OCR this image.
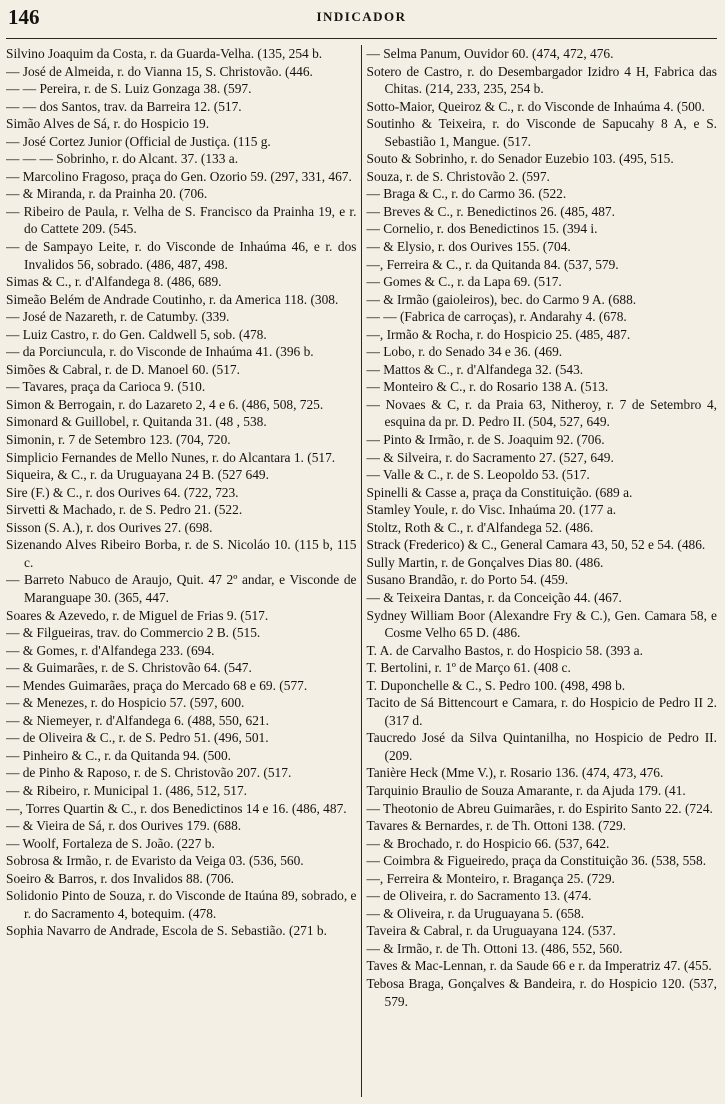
146	INDICADOR
Silvino Joaquim da Costa, r. da Guarda-Velha. (135, 254 b.
— José de Almeida, r. do Vianna 15, S. Christovão. (446.
— — Pereira, r. de S. Luiz Gonzaga 38. (597.
— — dos Santos, trav. da Barreira 12. (517.
Simão Alves de Sá, r. do Hospicio 19.
— José Cortez Junior (Official de Justiça. (115 g.
— — — Sobrinho, r. do Alcant. 37. (133 a.
— Marcolino Fragoso, praça do Gen. Ozorio 59. (297, 331, 467.
— & Miranda, r. da Prainha 20. (706.
— Ribeiro de Paula, r. Velha de S. Francisco da Prainha 19, e r. do Cattete 209. (545.
— de Sampayo Leite, r. do Visconde de Inhaúma 46, e r. dos Invalidos 56, sobrado. (486, 487, 498.
Simas & C., r. d'Alfandega 8. (486, 689.
Simeão Belém de Andrade Coutinho, r. da America 118. (308.
— José de Nazareth, r. de Catumby. (339.
— Luiz Castro, r. do Gen. Caldwell 5, sob. (478.
— da Porciuncula, r. do Visconde de Inhaúma 41. (396 b.
Simões & Cabral, r. de D. Manoel 60. (517.
— Tavares, praça da Carioca 9. (510.
Simon & Berrogain, r. do Lazareto 2, 4 e 6. (486, 508, 725.
Simonard & Guillobel, r. Quitanda 31. (48 , 538.
Simonin, r. 7 de Setembro 123. (704, 720.
Simplicio Fernandes de Mello Nunes, r. do Alcantara 1. (517.
Siqueira, & C., r. da Uruguayana 24 B. (527 649.
Sire (F.) & C., r. dos Ourives 64. (722, 723.
Sirvetti & Machado, r. de S. Pedro 21. (522.
Sisson (S. A.), r. dos Ourives 27. (698.
Sizenando Alves Ribeiro Borba, r. de S. Nicoláo 10. (115 b, 115 c.
— Barreto Nabuco de Araujo, Quit. 47 2º andar, e Visconde de Maranguape 30. (365, 447.
Soares & Azevedo, r. de Miguel de Frias 9. (517.
— & Filgueiras, trav. do Commercio 2 B. (515.
— & Gomes, r. d'Alfandega 233. (694.
— & Guimarães, r. de S. Christovão 64. (547.
— Mendes Guimarães, praça do Mercado 68 e 69. (577.
— & Menezes, r. do Hospicio 57. (597, 600.
— & Niemeyer, r. d'Alfandega 6. (488, 550, 621.
— de Oliveira & C., r. de S. Pedro 51. (496, 501.
— Pinheiro & C., r. da Quitanda 94. (500.
— de Pinho & Raposo, r. de S. Christovão 207. (517.
— & Ribeiro, r. Municipal 1. (486, 512, 517.
—, Torres Quartin & C., r. dos Benedictinos 14 e 16. (486, 487.
— & Vieira de Sá, r. dos Ourives 179. (688.
— Woolf, Fortaleza de S. João. (227 b.
Sobrosa & Irmão, r. de Evaristo da Veiga 03. (536, 560.
Soeiro & Barros, r. dos Invalidos 88. (706.
Solidonio Pinto de Souza, r. do Visconde de Itaúna 89, sobrado, e r. do Sacramento 4, botequim. (478.
Sophia Navarro de Andrade, Escola de S. Sebastião. (271 b.
— Selma Panum, Ouvidor 60. (474, 472, 476.
Sotero de Castro, r. do Desembargador Izidro 4 H, Fabrica das Chitas. (214, 233, 235, 254 b.
Sotto-Maior, Queiroz & C., r. do Visconde de Inhaúma 4. (500.
Soutinho & Teixeira, r. do Visconde de Sapucahy 8 A, e S. Sebastião 1, Mangue. (517.
Souto & Sobrinho, r. do Senador Euzebio 103. (495, 515.
Souza, r. de S. Christovão 2. (597.
— Braga & C., r. do Carmo 36. (522.
— Breves & C., r. Benedictinos 26. (485, 487.
— Cornelio, r. dos Benedictinos 15. (394 i.
— & Elysio, r. dos Ourives 155. (704.
—, Ferreira & C., r. da Quitanda 84. (537, 579.
— Gomes & C., r. da Lapa 69. (517.
— & Irmão (gaioleiros), bec. do Carmo 9 A. (688.
— — (Fabrica de carroças), r. Andarahy 4. (678.
—, Irmão & Rocha, r. do Hospicio 25. (485, 487.
— Lobo, r. do Senado 34 e 36. (469.
— Mattos & C., r. d'Alfandega 32. (543.
— Monteiro & C., r. do Rosario 138 A. (513.
— Novaes & C, r. da Praia 63, Nitheroy, r. 7 de Setembro 4, esquina da pr. D. Pedro II. (504, 527, 649.
— Pinto & Irmão, r. de S. Joaquim 92. (706.
— & Silveira, r. do Sacramento 27. (527, 649.
— Valle & C., r. de S. Leopoldo 53. (517.
Spinelli & Casse a, praça da Constituição. (689 a.
Stamley Youle, r. do Visc. Inhaúma 20. (177 a.
Stoltz, Roth & C., r. d'Alfandega 52. (486.
Strack (Frederico) & C., General Camara 43, 50, 52 e 54. (486.
Sully Martin, r. de Gonçalves Dias 80. (486.
Susano Brandão, r. do Porto 54. (459.
— & Teixeira Dantas, r. da Conceição 44. (467.
Sydney William Boor (Alexandre Fry & C.), Gen. Camara 58, e Cosme Velho 65 D. (486.
T. A. de Carvalho Bastos, r. do Hospicio 58. (393 a.
T. Bertolini, r. 1º de Março 61. (408 c.
T. Duponchelle & C., S. Pedro 100. (498, 498 b.
Tacito de Sá Bittencourt e Camara, r. do Hospicio de Pedro II 2. (317 d.
Taucredo José da Silva Quintanilha, no Hospicio de Pedro II. (209.
Tanière Heck (Mme V.), r. Rosario 136. (474, 473, 476.
Tarquinio Braulio de Souza Amarante, r. da Ajuda 179. (41.
— Theotonio de Abreu Guimarães, r. do Espirito Santo 22. (724.
Tavares & Bernardes, r. de Th. Ottoni 138. (729.
— & Brochado, r. do Hospicio 66. (537, 642.
— Coimbra & Figueiredo, praça da Constituição 36. (538, 558.
—, Ferreira & Monteiro, r. Bragança 25. (729.
— de Oliveira, r. do Sacramento 13. (474.
— & Oliveira, r. da Uruguayana 5. (658.
Taveira & Cabral, r. da Uruguayana 124. (537.
— & Irmão, r. de Th. Ottoni 13. (486, 552, 560.
Taves & Mac-Lennan, r. da Saude 66 e r. da Imperatriz 47. (455.
Tebosa Braga, Gonçalves & Bandeira, r. do Hospicio 120. (537, 579.
